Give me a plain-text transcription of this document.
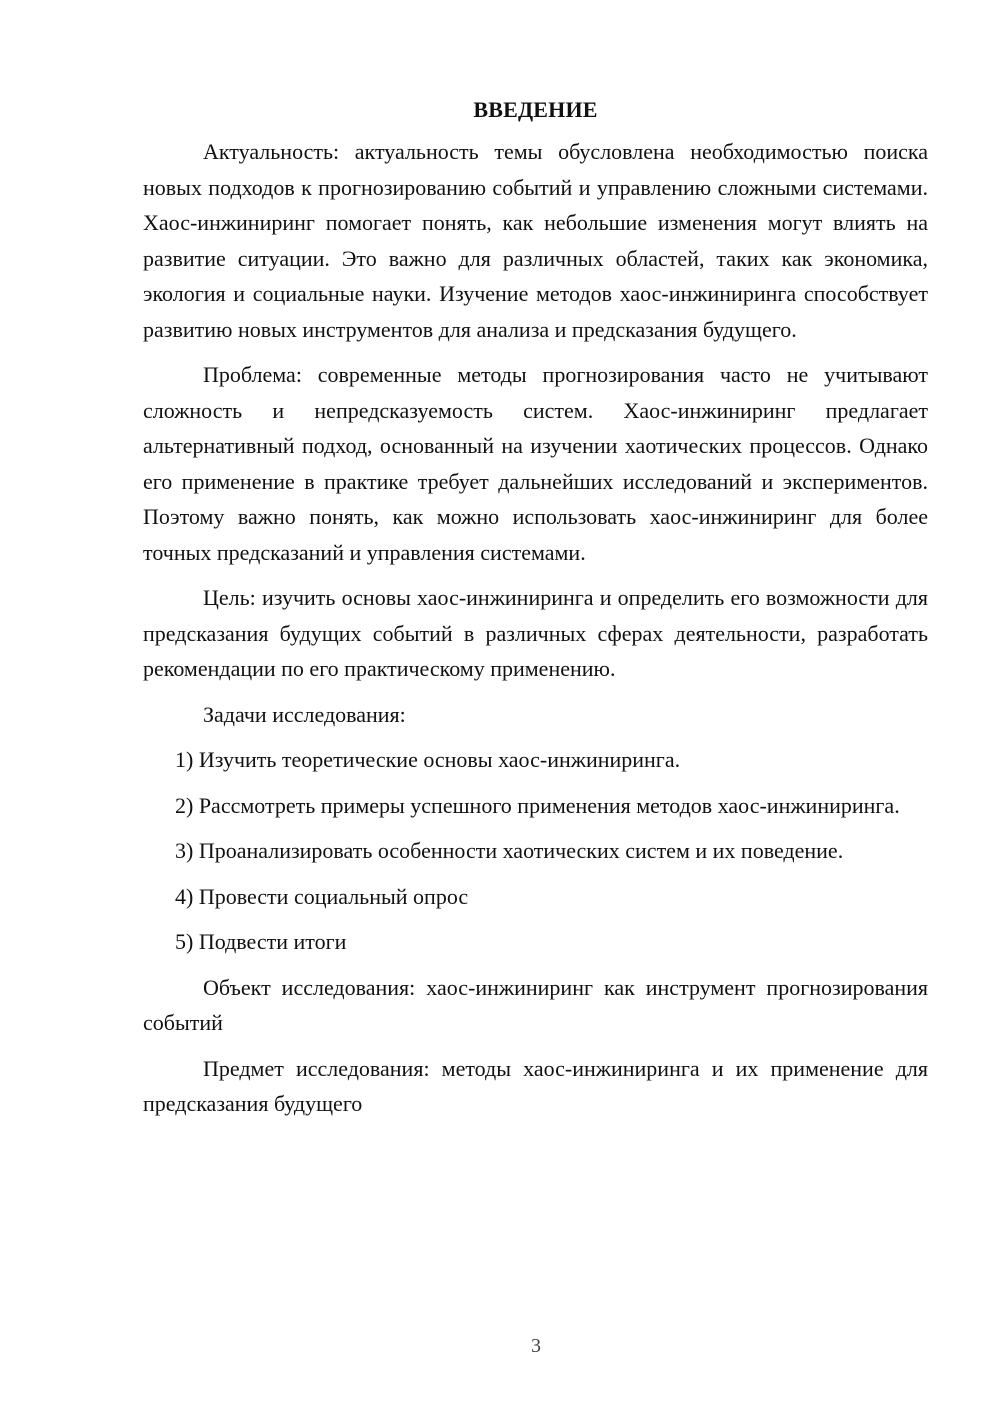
ВВЕДЕНИЕ

Актуальность: актуальность темы обусловлена необходимостью поиска новых подходов к прогнозированию событий и управлению сложными системами. Хаос-инжиниринг помогает понять, как небольшие изменения могут влиять на развитие ситуации. Это важно для различных областей, таких как экономика, экология и социальные науки. Изучение методов хаос-инжиниринга способствует развитию новых инструментов для анализа и предсказания будущего.

Проблема: современные методы прогнозирования часто не учитывают сложность и непредсказуемость систем. Хаос-инжиниринг предлагает альтернативный подход, основанный на изучении хаотических процессов. Однако его применение в практике требует дальнейших исследований и экспериментов. Поэтому важно понять, как можно использовать хаос-инжиниринг для более точных предсказаний и управления системами.

Цель: изучить основы хаос-инжиниринга и определить его возможности для предсказания будущих событий в различных сферах деятельности, разработать рекомендации по его практическому применению.

Задачи исследования:

1) Изучить теоретические основы хаос-инжиниринга.

2) Рассмотреть примеры успешного применения методов хаос-инжиниринга.

3) Проанализировать особенности хаотических систем и их поведение.

4) Провести социальный опрос

5) Подвести итоги

Объект исследования: хаос-инжиниринг как инструмент прогнозирования событий

Предмет исследования: методы хаос-инжиниринга и их применение для предсказания будущего

3
